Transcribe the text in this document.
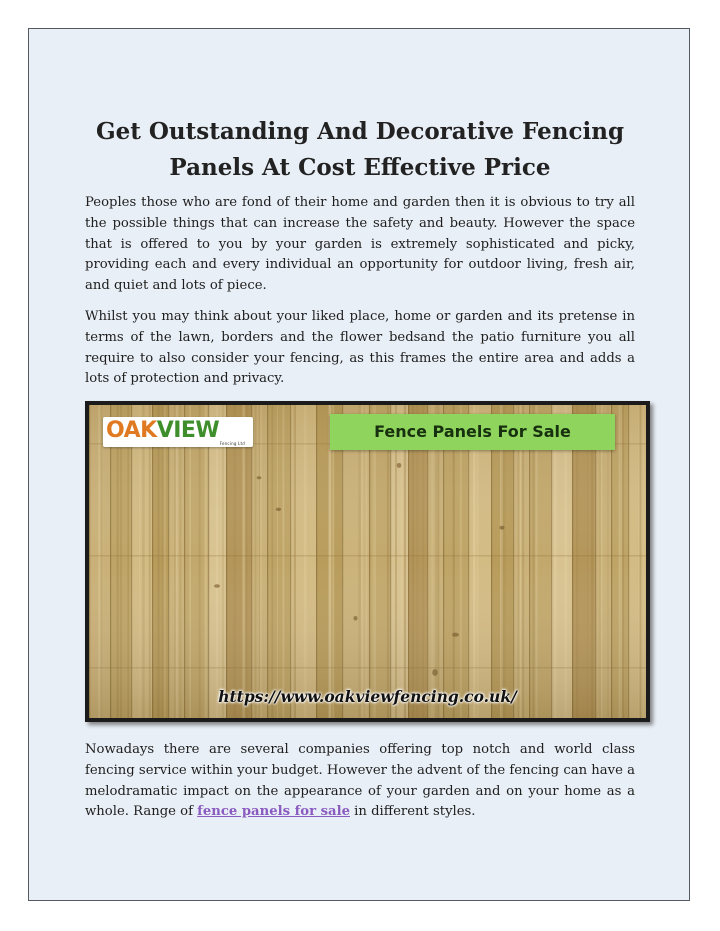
Get Outstanding And Decorative Fencing
Panels At Cost Effective Price

Peoples those who are fond of their home and garden then it is obvious to try all the possible things that can increase the safety and beauty. However the space that is offered to you by your garden is extremely sophisticated and picky, providing each and every individual an opportunity for outdoor living, fresh air, and quiet and lots of piece.

Whilst you may think about your liked place, home or garden and its pretense in terms of the lawn, borders and the flower bedsand the patio furniture you all require to also consider your fencing, as this frames the entire area and adds a lots of protection and privacy.

OAKVIEW
Fencing Ltd
Fence Panels For Sale
https://www.oakviewfencing.co.uk/

Nowadays there are several companies offering top notch and world class fencing service within your budget. However the advent of the fencing can have a melodramatic impact on the appearance of your garden and on your home as a whole. Range of fence panels for sale in different styles.
